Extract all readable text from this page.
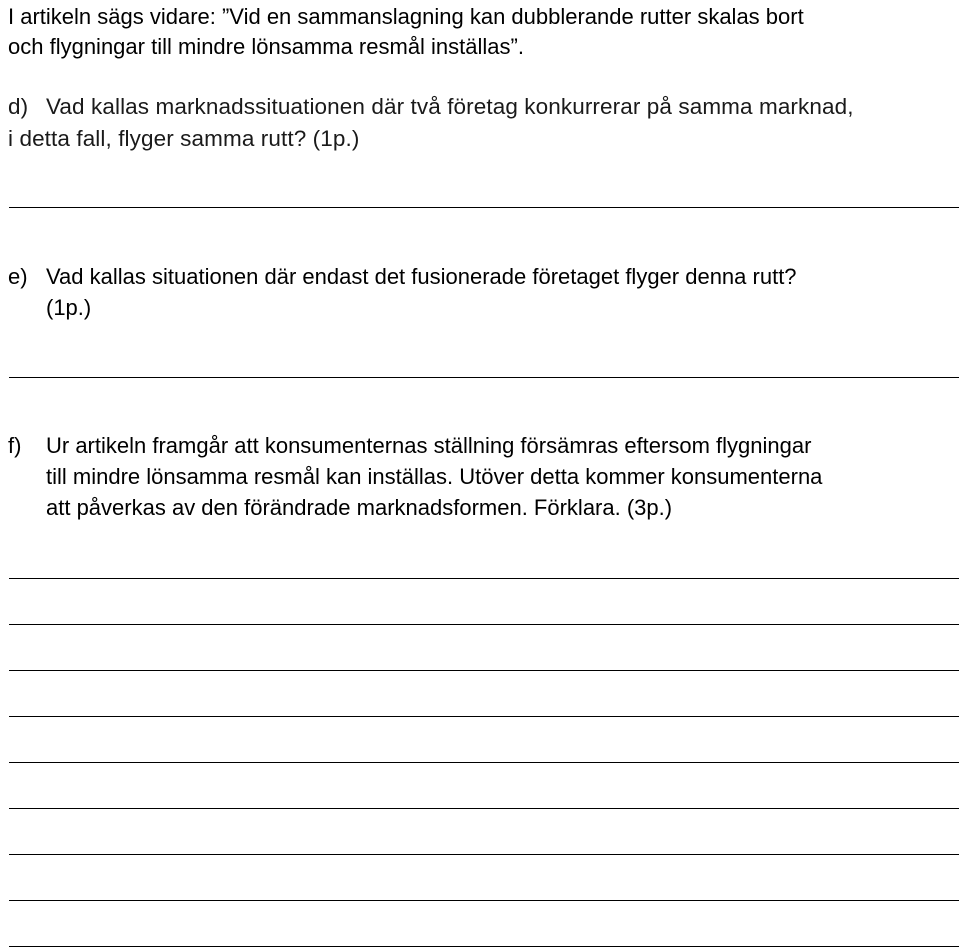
I artikeln sägs vidare: ”Vid en sammanslagning kan dubblerande rutter skalas bort
och flygningar till mindre lönsamma resmål inställas”.
d) Vad kallas marknadssituationen där två företag konkurrerar på samma marknad,
i detta fall, flyger samma rutt? (1p.)
e) Vad kallas situationen där endast det fusionerade företaget flyger denna rutt?
(1p.)
f) Ur artikeln framgår att konsumenternas ställning försämras eftersom flygningar
till mindre lönsamma resmål kan inställas. Utöver detta kommer konsumenterna
att påverkas av den förändrade marknadsformen. Förklara. (3p.)
